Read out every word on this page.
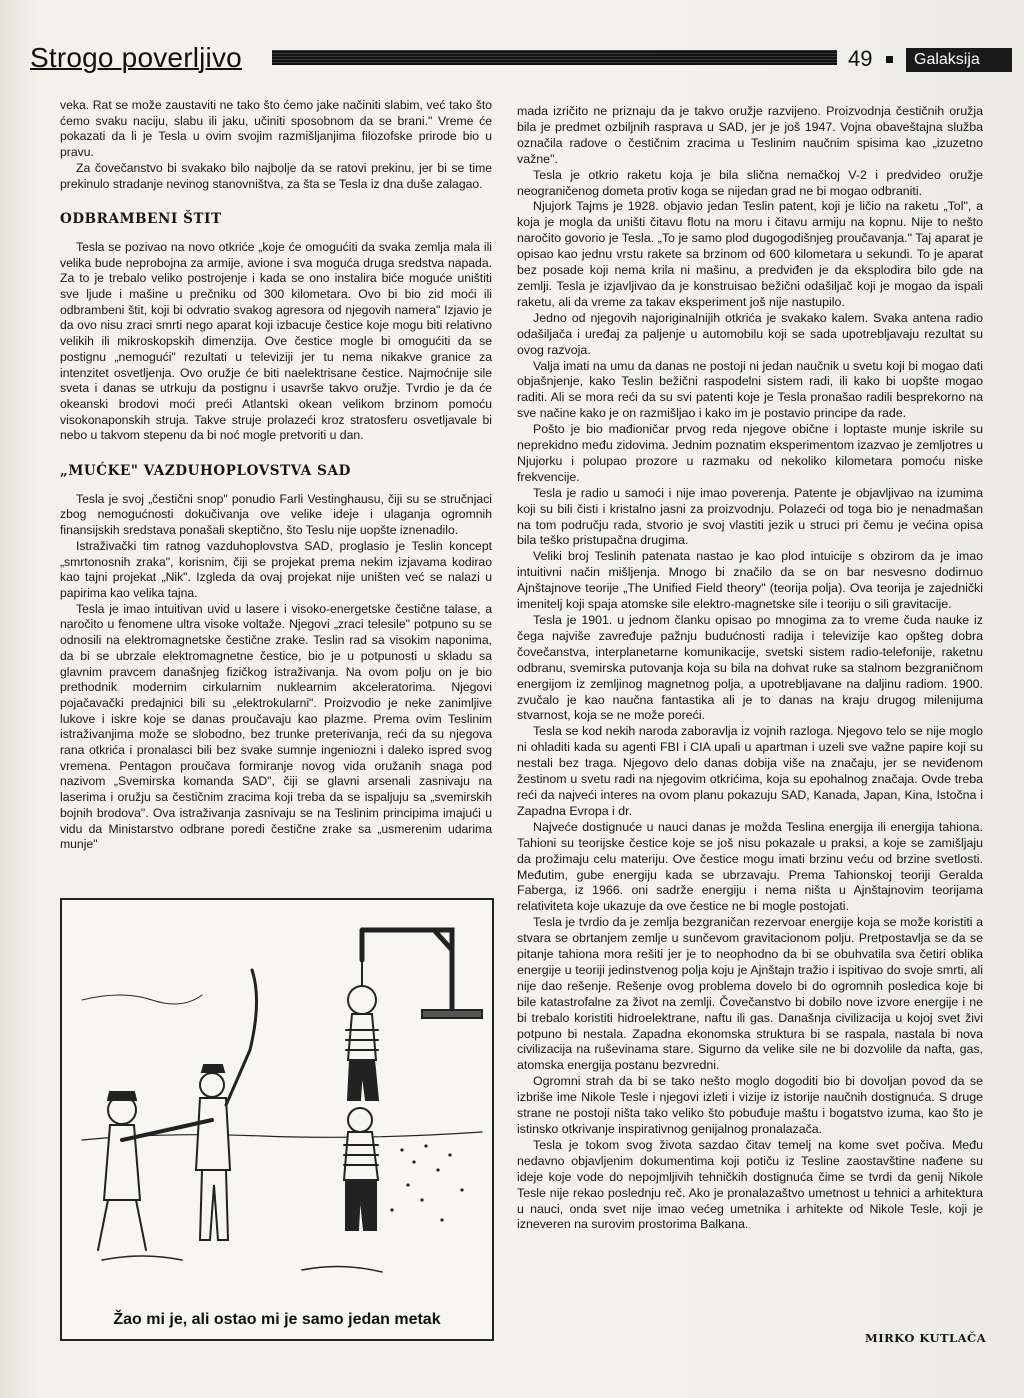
Strogo poverljivo	49	Galaksija

veka. Rat se može zaustaviti ne tako što ćemo jake načiniti slabim, već tako što ćemo svaku naciju, slabu ili jaku, učiniti sposobnom da se brani." Vreme će pokazati da li je Tesla u ovim svojim razmišljanjima filozofske prirode bio u pravu.

Za čovečanstvo bi svakako bilo najbolje da se ratovi prekinu, jer bi se time prekinulo stradanje nevinog stanovništva, za šta se Tesla iz dna duše zalagao.

ODBRAMBENI ŠTIT

Tesla se pozivao na novo otkriće „koje će omogućiti da svaka zemlja mala ili velika bude neprobojna za armije, avione i sva moguća druga sredstva napada. Za to je trebalo veliko postrojenje i kada se ono instalira biće moguće uništiti sve ljude i mašine u prečniku od 300 kilometara. Ovo bi bio zid moći ili odbrambeni štit, koji bi odvratio svakog agresora od njegovih namera" Izjavio je da ovo nisu zraci smrti nego aparat koji izbacuje čestice koje mogu biti relativno velikih ili mikroskopskih dimenzija. Ove čestice mogle bi omogućiti da se postignu „nemogući" rezultati u televiziji jer tu nema nikakve granice za intenzitet osvetljenja. Ovo oružje će biti naelektrisane čestice. Najmoćnije sile sveta i danas se utrkuju da postignu i usavrše takvo oružje. Tvrdio je da će okeanski brodovi moći preći Atlantski okean velikom brzinom pomoću visokonaponskih struja. Takve struje prolazeći kroz stratosferu osvetljavale bi nebo u takvom stepenu da bi noć mogle pretvoriti u dan.

„MUĆKE" VAZDUHOPLOVSTVA SAD

Tesla je svoj „čestični snop" ponudio Farli Vestinghausu, čiji su se stručnjaci zbog nemogućnosti dokučivanja ove velike ideje i ulaganja ogromnih finansijskih sredstava ponašali skeptično, što Teslu nije uopšte iznenadilo.

Istraživački tim ratnog vazduhoplovstva SAD, proglasio je Teslin koncept „smrtonosnih zraka", korisnim, čiji se projekat prema nekim izjavama kodirao kao tajni projekat „Nik". Izgleda da ovaj projekat nije uništen već se nalazi u papirima kao velika tajna.

Tesla je imao intuitivan uvid u lasere i visoko-energetske čestične talase, a naročito u fenomene ultra visoke voltaže. Njegovi „zraci telesile" potpuno su se odnosili na elektromagnetske čestične zrake. Teslin rad sa visokim naponima, da bi se ubrzale elektromagnetne čestice, bio je u potpunosti u skladu sa glavnim pravcem današnjeg fizičkog istraživanja. Na ovom polju on je bio prethodnik modernim cirkularnim nuklearnim akceleratorima. Njegovi pojačavački predajnici bili su „elektrokularni". Proizvodio je neke zanimljive lukove i iskre koje se danas proučavaju kao plazme. Prema ovim Teslinim istraživanjima može se slobodno, bez trunke preterivanja, reći da su njegova rana otkrića i pronalasci bili bez svake sumnje ingeniozni i daleko ispred svog vremena. Pentagon proučava formiranje novog vida oružanih snaga pod nazivom „Svemirska komanda SAD", čiji se glavni arsenali zasnivaju na laserima i oružju sa čestičnim zracima koji treba da se ispaljuju sa „svemirskih bojnih brodova". Ova istraživanja zasnivaju se na Teslinim principima imajući u vidu da Ministarstvo odbrane poredi čestične zrake sa „usmerenim udarima munje"

Žao mi je, ali ostao mi je samo jedan metak

mada izričito ne priznaju da je takvo oružje razvijeno. Proizvodnja čestičnih oružja bila je predmet ozbiljnih rasprava u SAD, jer je još 1947. Vojna obaveštajna služba označila radove o čestičnim zracima u Teslinim naučnim spisima kao „izuzetno važne".

Tesla je otkrio raketu koja je bila slična nemačkoj V-2 i predvideo oružje neograničenog dometa protiv koga se nijedan grad ne bi mogao odbraniti.

Njujork Tajms je 1928. objavio jedan Teslin patent, koji je ličio na raketu „Tol", a koja je mogla da uništi čitavu flotu na moru i čitavu armiju na kopnu. Nije to nešto naročito govorio je Tesla. „To je samo plod dugogodišnjeg proučavanja." Taj aparat je opisao kao jednu vrstu rakete sa brzinom od 600 kilometara u sekundi. To je aparat bez posade koji nema krila ni mašinu, a predviđen je da eksplodira bilo gde na zemlji. Tesla je izjavljivao da je konstruisao bežični odašiljač koji je mogao da ispali raketu, ali da vreme za takav eksperiment još nije nastupilo.

Jedno od njegovih najoriginalnijih otkrića je svakako kalem. Svaka antena radio odašiljača i uređaj za paljenje u automobilu koji se sada upotrebljavaju rezultat su ovog razvoja.

Valja imati na umu da danas ne postoji ni jedan naučnik u svetu koji bi mogao dati objašnjenje, kako Teslin bežični raspodelni sistem radi, ili kako bi uopšte mogao raditi. Ali se mora reći da su svi patenti koje je Tesla pronašao radili besprekorno na sve načine kako je on razmišljao i kako im je postavio principe da rade.

Pošto je bio mađioničar prvog reda njegove obične i loptaste munje iskrile su neprekidno među zidovima. Jednim poznatim eksperimentom izazvao je zemljotres u Njujorku i polupao prozore u razmaku od nekoliko kilometara pomoću niske frekvencije.

Tesla je radio u samoći i nije imao poverenja. Patente je objavljivao na izumima koji su bili čisti i kristalno jasni za proizvodnju. Polazeći od toga bio je nenadmašan na tom području rada, stvorio je svoj vlastiti jezik u struci pri čemu je većina opisa bila teško pristupačna drugima.

Veliki broj Teslinih patenata nastao je kao plod intuicije s obzirom da je imao intuitivni način mišljenja. Mnogo bi značilo da se on bar nesvesno dodirnuo Ajnštajnove teorije „The Unified Field theory" (teorija polja). Ova teorija je zajednički imenitelj koji spaja atomske sile elektro-magnetske sile i teoriju o sili gravitacije.

Tesla je 1901. u jednom članku opisao po mnogima za to vreme čuda nauke iz čega najviše zavređuje pažnju budućnosti radija i televizije kao opšteg dobra čovečanstva, interplanetarne komunikacije, svetski sistem radio-telefonije, raketnu odbranu, svemirska putovanja koja su bila na dohvat ruke sa stalnom bezgraničnom energijom iz zemljinog magnetnog polja, a upotrebljavane na daljinu radiom. 1900. zvučalo je kao naučna fantastika ali je to danas na kraju drugog milenijuma stvarnost, koja se ne može poreći.

Tesla se kod nekih naroda zaboravlja iz vojnih razloga. Njegovo telo se nije moglo ni ohladiti kada su agenti FBI i CIA upali u apartman i uzeli sve važne papire koji su nestali bez traga. Njegovo delo danas dobija više na značaju, jer se neviđenom žestinom u svetu radi na njegovim otkrićima, koja su epohalnog značaja. Ovde treba reći da najveći interes na ovom planu pokazuju SAD, Kanada, Japan, Kina, Istočna i Zapadna Evropa i dr.

Najveće dostignuće u nauci danas je možda Teslina energija ili energija tahiona. Tahioni su teorijske čestice koje se još nisu pokazale u praksi, a koje se zamišljaju da prožimaju celu materiju. Ove čestice mogu imati brzinu veću od brzine svetlosti. Međutim, gube energiju kada se ubrzavaju. Prema Tahionskoj teoriji Geralda Faberga, iz 1966. oni sadrže energiju i nema ništa u Ajnštajnovim teorijama relativiteta koje ukazuje da ove čestice ne bi mogle postojati.

Tesla je tvrdio da je zemlja bezgraničan rezervoar energije koja se može koristiti a stvara se obrtanjem zemlje u sunčevom gravitacionom polju. Pretpostavlja se da se pitanje tahiona mora rešiti jer je to neophodno da bi se obuhvatila sva četiri oblika energije u teoriji jedinstvenog polja koju je Ajnštajn tražio i ispitivao do svoje smrti, ali nije dao rešenje. Rešenje ovog problema dovelo bi do ogromnih posledica koje bi bile katastrofalne za život na zemlji. Čovečanstvo bi dobilo nove izvore energije i ne bi trebalo koristiti hidroelektrane, naftu ili gas. Današnja civilizacija u kojoj svet živi potpuno bi nestala. Zapadna ekonomska struktura bi se raspala, nastala bi nova civilizacija na ruševinama stare. Sigurno da velike sile ne bi dozvolile da nafta, gas, atomska energija postanu bezvredni.

Ogromni strah da bi se tako nešto moglo dogoditi bio bi dovoljan povod da se izbriše ime Nikole Tesle i njegovi izleti i vizije iz istorije naučnih dostignuća. S druge strane ne postoji ništa tako veliko što pobuđuje maštu i bogatstvo izuma, kao što je istinsko otkrivanje inspirativnog genijalnog pronalazača.

Tesla je tokom svog života sazdao čitav temelj na kome svet počiva. Među nedavno objavljenim dokumentima koji potiču iz Tesline zaostavštine nađene su ideje koje vode do nepojmljivih tehničkih dostignuća čime se tvrdi da genij Nikole Tesle nije rekao poslednju reč. Ako je pronalazaštvo umetnost u tehnici a arhitektura u nauci, onda svet nije imao većeg umetnika i arhitekte od Nikole Tesle, koji je izneveren na surovim prostorima Balkana.

MIRKO KUTLAČA
